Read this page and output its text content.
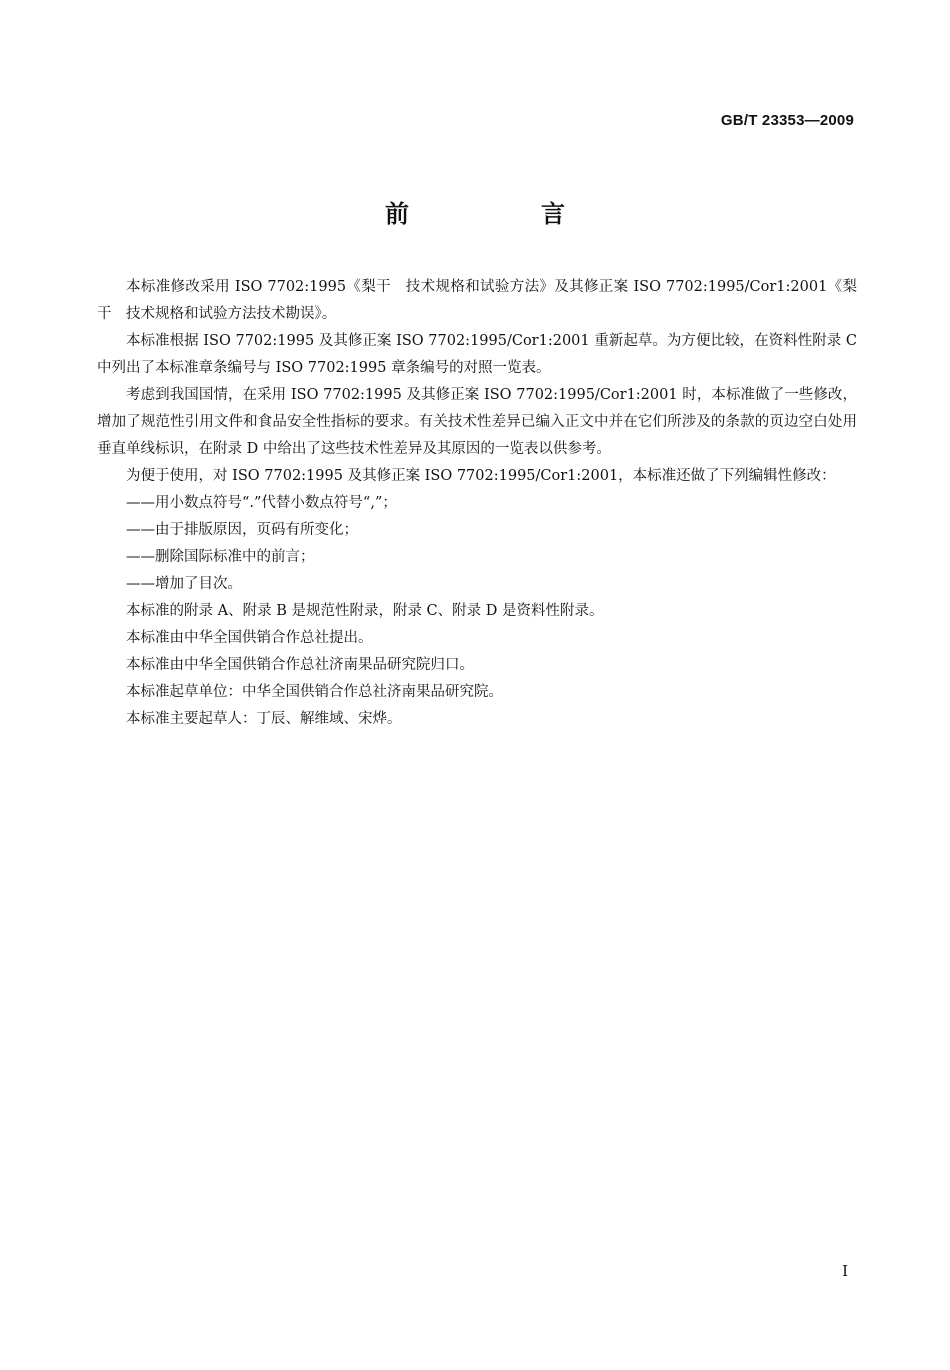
GB/T 23353—2009
前　言

本标准修改采用 ISO 7702:1995《梨干　技术规格和试验方法》及其修正案 ISO 7702:1995/Cor1:2001《梨干　技术规格和试验方法技术勘误》。

本标准根据 ISO 7702:1995 及其修正案 ISO 7702:1995/Cor1:2001 重新起草。为方便比较，在资料性附录 C 中列出了本标准章条编号与 ISO 7702:1995 章条编号的对照一览表。

考虑到我国国情，在采用 ISO 7702:1995 及其修正案 ISO 7702:1995/Cor1:2001 时，本标准做了一些修改，增加了规范性引用文件和食品安全性指标的要求。有关技术性差异已编入正文中并在它们所涉及的条款的页边空白处用垂直单线标识，在附录 D 中给出了这些技术性差异及其原因的一览表以供参考。

为便于使用，对 ISO 7702:1995 及其修正案 ISO 7702:1995/Cor1:2001，本标准还做了下列编辑性修改：

——用小数点符号“.”代替小数点符号“,”；

——由于排版原因，页码有所变化；

——删除国际标准中的前言；

——增加了目次。

本标准的附录 A、附录 B 是规范性附录，附录 C、附录 D 是资料性附录。

本标准由中华全国供销合作总社提出。

本标准由中华全国供销合作总社济南果品研究院归口。

本标准起草单位：中华全国供销合作总社济南果品研究院。

本标准主要起草人：丁辰、解维域、宋烨。

I
